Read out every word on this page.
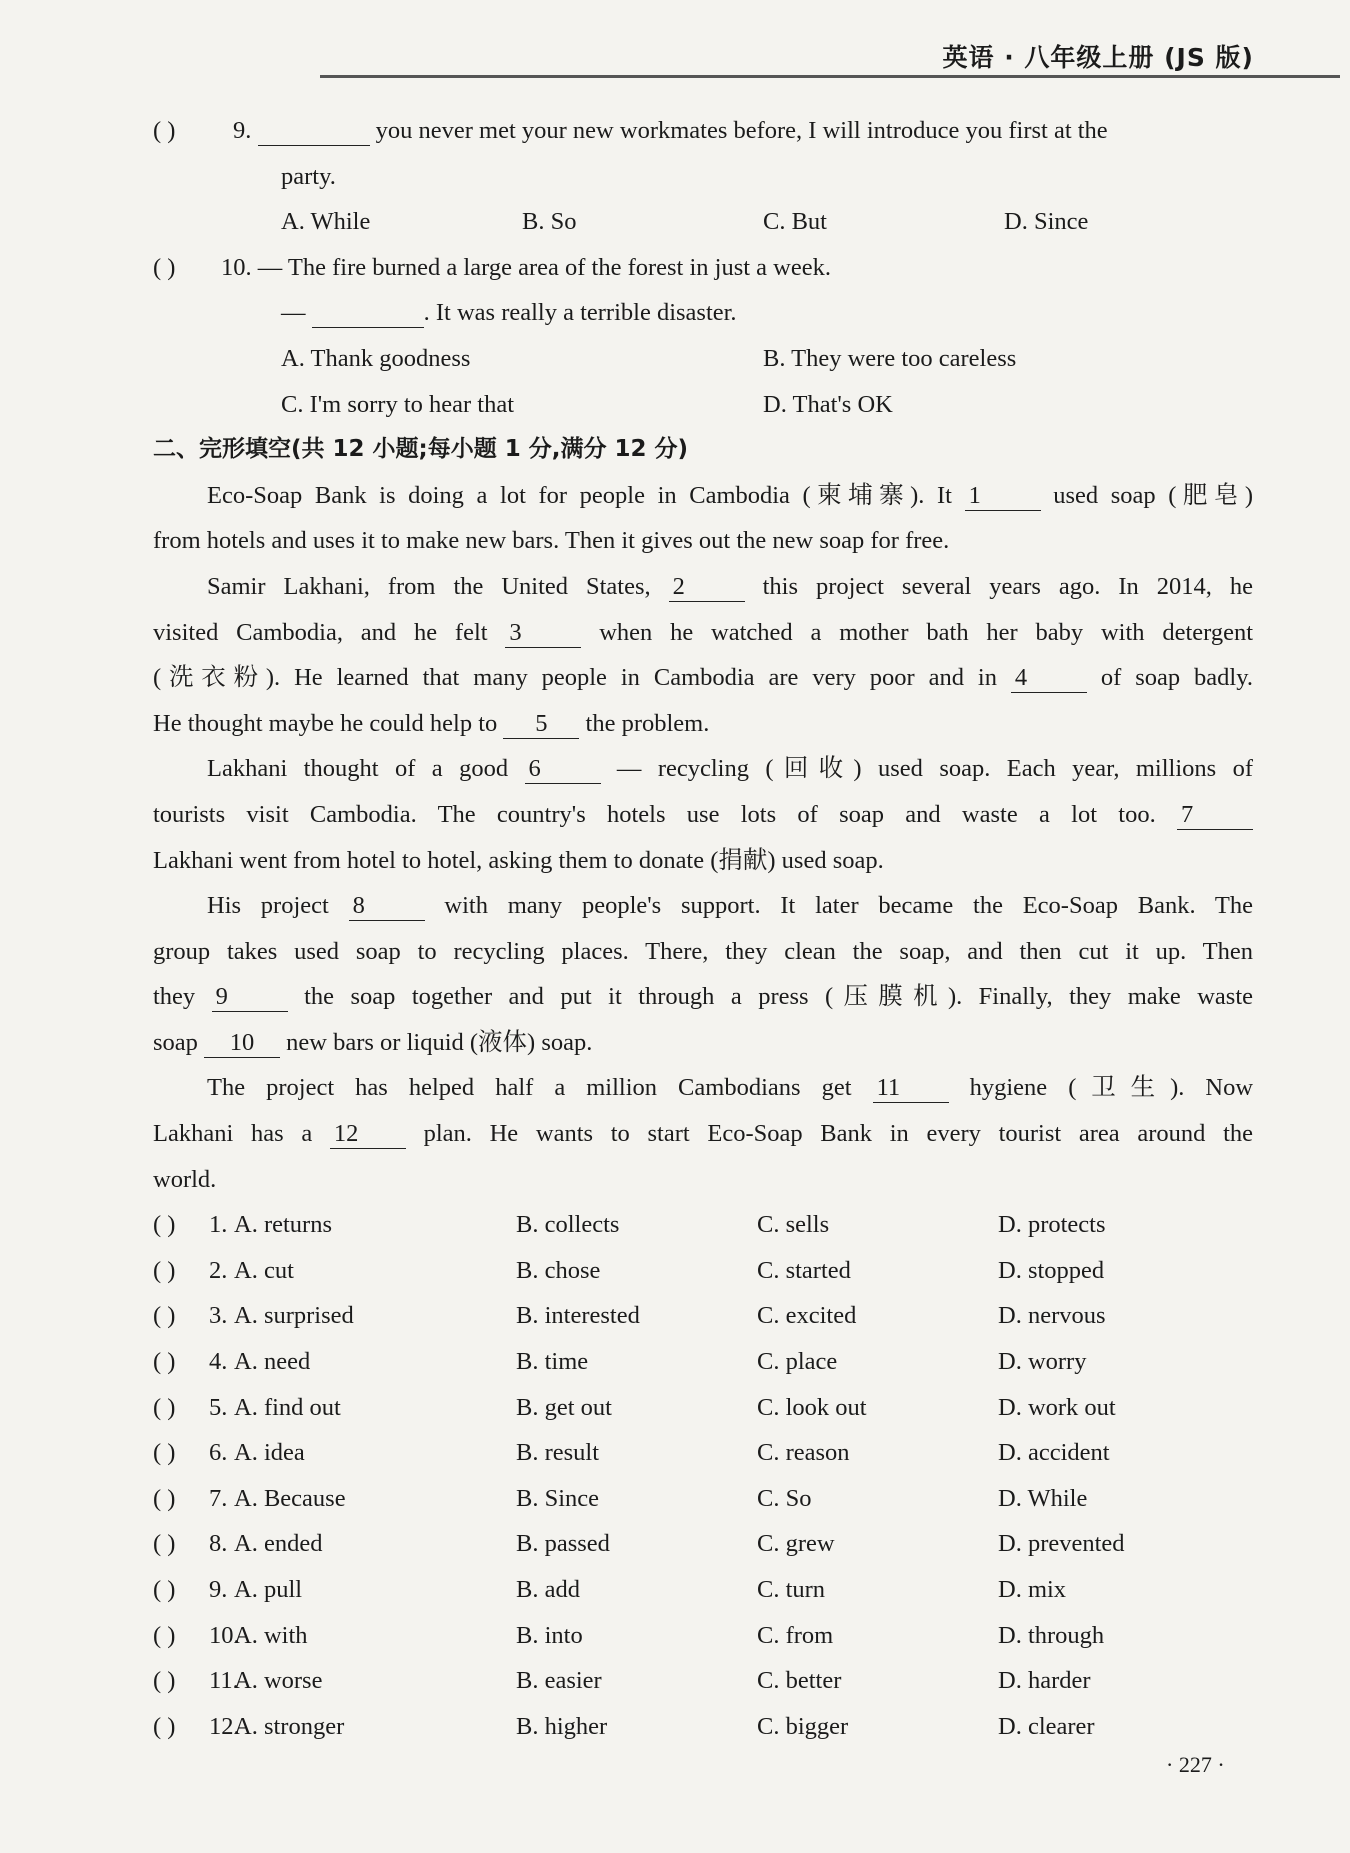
英语 · 八年级上册 (JS 版)
( ) 9.	you never met your new workmates before, I will introduce you first at the
party.
A. While	B. So	C. But	D. Since
( ) 10. — The fire burned a large area of the forest in just a week.
—	. It was really a terrible disaster.
A. Thank goodness	B. They were too careless
C. I'm sorry to hear that	D. That's OK
二、完形填空(共 12 小题;每小题 1 分,满分 12 分)
Eco-Soap Bank is doing a lot for people in Cambodia (柬埔寨). It 1	used soap (肥皂)
from hotels and uses it to make new bars. Then it gives out the new soap for free.
Samir Lakhani, from the United States, 2	this project several years ago. In 2014, he
visited Cambodia, and he felt 3	when he watched a mother bath her baby with detergent
(洗衣粉). He learned that many people in Cambodia are very poor and in 4	of soap badly.
He thought maybe he could help to 5 the problem.
Lakhani thought of a good 6	— recycling (回收) used soap. Each year, millions of
tourists visit Cambodia. The country's hotels use lots of soap and waste a lot too. 7
Lakhani went from hotel to hotel, asking them to donate (捐献) used soap.
His project 8	with many people's support. It later became the Eco-Soap Bank. The
group takes used soap to recycling places. There, they clean the soap, and then cut it up. Then
they 9	the soap together and put it through a press (压膜机). Finally, they make waste
soap 10 new bars or liquid (液体) soap.
The project has helped half a million Cambodians get 11	hygiene (卫生). Now
Lakhani has a 12	plan. He wants to start Eco-Soap Bank in every tourist area around the
world.
( ) 1. A. returns	B. collects	C. sells	D. protects
( ) 2. A. cut	B. chose	C. started	D. stopped
( ) 3. A. surprised	B. interested	C. excited	D. nervous
( ) 4. A. need	B. time	C. place	D. worry
( ) 5. A. find out	B. get out	C. look out	D. work out
( ) 6. A. idea	B. result	C. reason	D. accident
( ) 7. A. Because	B. Since	C. So	D. While
( ) 8. A. ended	B. passed	C. grew	D. prevented
( ) 9. A. pull	B. add	C. turn	D. mix
( ) 10.
A. with	B. into	C. from	D. through
( ) 11.
A. worse	B. easier	C. better	D. harder
( ) 12.
A. stronger	B. higher	C. bigger	D. clearer
· 227 ·
